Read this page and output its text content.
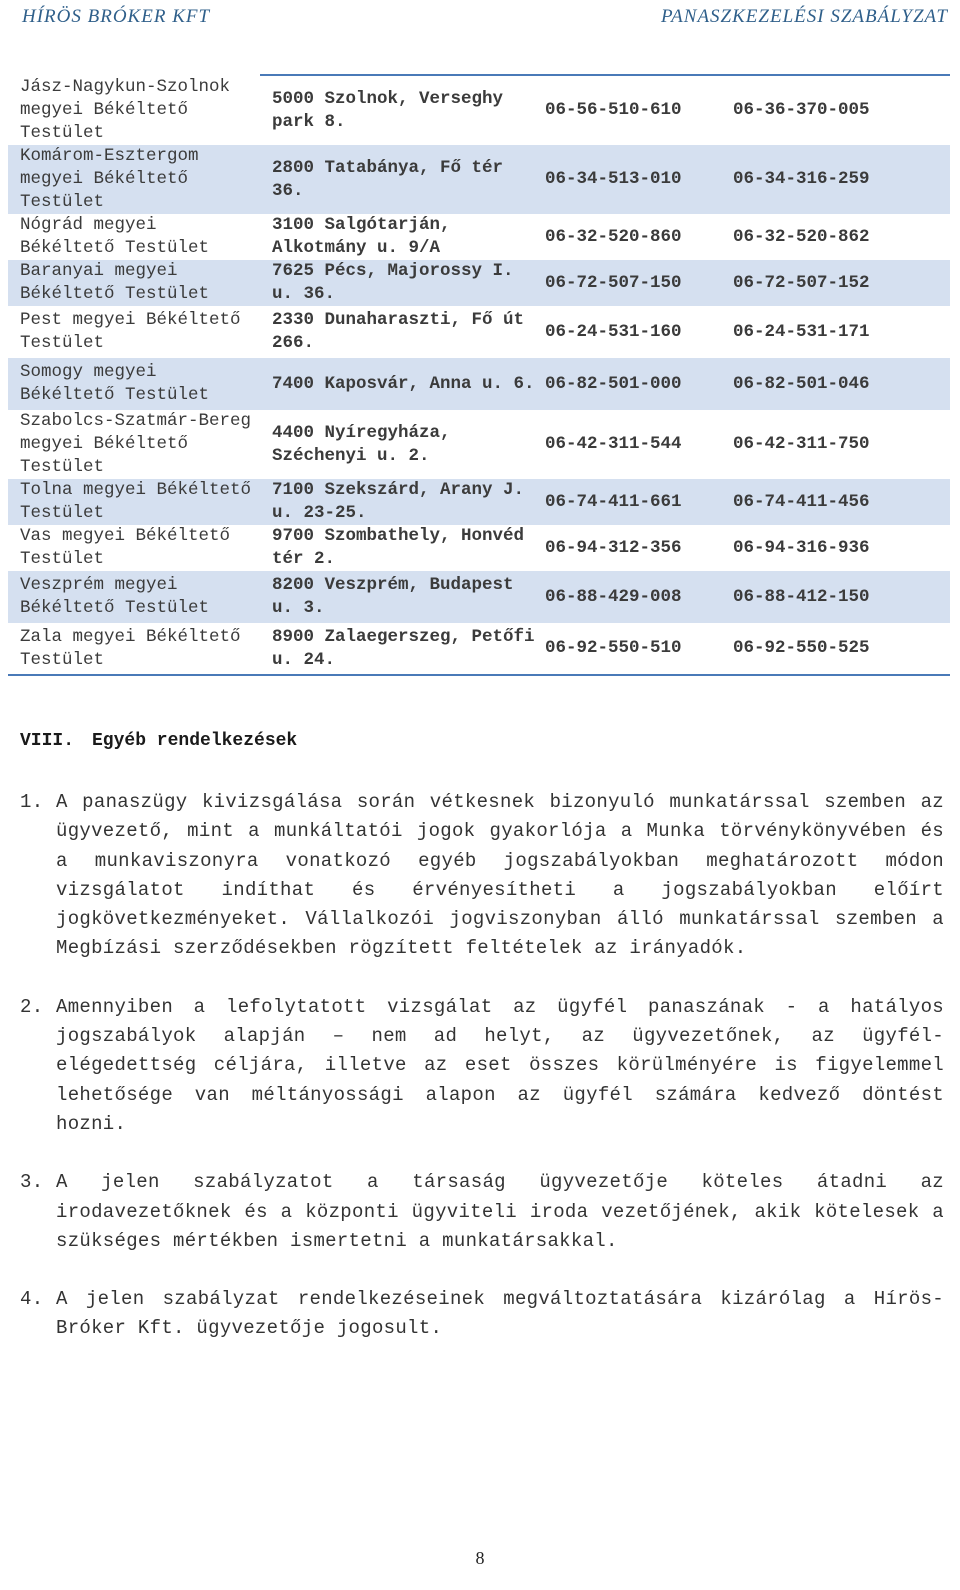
HÍRÖS BRÓKER KFT	PANASZKEZELÉSI SZABÁLYZAT
Jász-Nagykun-Szolnok megyei Békéltető Testület	5000 Szolnok, Verseghy park 8.	06-56-510-610	06-36-370-005
Komárom-Esztergom megyei Békéltető Testület	2800 Tatabánya, Fő tér 36.	06-34-513-010	06-34-316-259
Nógrád megyei Békéltető Testület	3100 Salgótarján, Alkotmány u. 9/A	06-32-520-860	06-32-520-862
Baranyai megyei Békéltető Testület	7625 Pécs, Majorossy I. u. 36.	06-72-507-150	06-72-507-152
Pest megyei Békéltető Testület	2330 Dunaharaszti, Fő út 266.	06-24-531-160	06-24-531-171
Somogy megyei Békéltető Testület	7400 Kaposvár, Anna u. 6.	06-82-501-000	06-82-501-046
Szabolcs-Szatmár-Bereg megyei Békéltető Testület	4400 Nyíregyháza, Széchenyi u. 2.	06-42-311-544	06-42-311-750
Tolna megyei Békéltető Testület	7100 Szekszárd, Arany J. u. 23-25.	06-74-411-661	06-74-411-456
Vas megyei Békéltető Testület	9700 Szombathely, Honvéd tér 2.	06-94-312-356	06-94-316-936
Veszprém megyei Békéltető Testület	8200 Veszprém, Budapest u. 3.	06-88-429-008	06-88-412-150
Zala megyei Békéltető Testület	8900 Zalaegerszeg, Petőfi u. 24.	06-92-550-510	06-92-550-525
VIII. Egyéb rendelkezések
1. A panaszügy kivizsgálása során vétkesnek bizonyuló munkatárssal szemben az ügyvezető, mint a munkáltatói jogok gyakorlója a Munka törvénykönyvében és a munkaviszonyra vonatkozó egyéb jogszabályokban meghatározott módon vizsgálatot indíthat és érvényesítheti a jogszabályokban előírt jogkövetkezményeket. Vállalkozói jogviszonyban álló munkatárssal szemben a Megbízási szerződésekben rögzített feltételek az irányadók.
2. Amennyiben a lefolytatott vizsgálat az ügyfél panaszának - a hatályos jogszabályok alapján – nem ad helyt, az ügyvezetőnek, az ügyfél-elégedettség céljára, illetve az eset összes körülményére is figyelemmel lehetősége van méltányossági alapon az ügyfél számára kedvező döntést hozni.
3. A jelen szabályzatot a társaság ügyvezetője köteles átadni az irodavezetőknek és a központi ügyviteli iroda vezetőjének, akik kötelesek a szükséges mértékben ismertetni a munkatársakkal.
4. A jelen szabályzat rendelkezéseinek megváltoztatására kizárólag a Hírös-Bróker Kft. ügyvezetője jogosult.
8
